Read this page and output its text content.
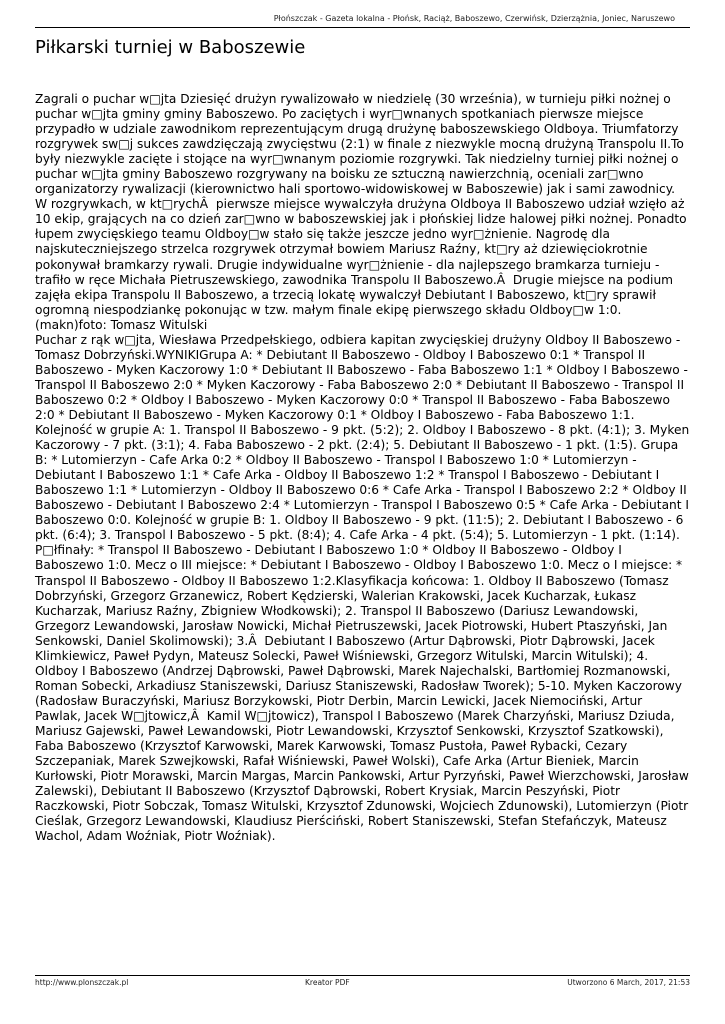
Płońszczak - Gazeta lokalna - Płońsk, Raciąż, Baboszewo, Czerwińsk, Dzierzążnia, Joniec, Naruszewo
Piłkarski turniej w Baboszewie
Zagrali o puchar w□jta Dziesięć drużyn rywalizowało w niedzielę (30 września), w turnieju piłki nożnej o puchar w□jta gminy gminy Baboszewo. Po zaciętych i wyr□wnanych spotkaniach pierwsze miejsce przypadło w udziale zawodnikom reprezentującym drugą drużynę baboszewskiego Oldboya. Triumfatorzy rozgrywek sw□j sukces zawdzięczają zwycięstwu (2:1) w finale z niezwykle mocną drużyną Transpolu II.To były niezwykle zacięte i stojące na wyr□wnanym poziomie rozgrywki. Tak niedzielny turniej piłki nożnej o puchar w□jta gminy Baboszewo rozgrywany na boisku ze sztuczną nawierzchnią, oceniali zar□wno organizatorzy rywalizacji (kierownictwo hali sportowo-widowiskowej w Baboszewie) jak i sami zawodnicy.
W rozgrywkach, w kt□rychÂ  pierwsze miejsce wywalczyła drużyna Oldboya II Baboszewo udział wzięło aż 10 ekip, grających na co dzień zar□wno w baboszewskiej jak i płońskiej lidze halowej piłki nożnej. Ponadto łupem zwycięskiego teamu Oldboy□w stało się także jeszcze jedno wyr□żnienie. Nagrodę dla najskuteczniejszego strzelca rozgrywek otrzymał bowiem Mariusz Raźny, kt□ry aż dziewięciokrotnie pokonywał bramkarzy rywali. Drugie indywidualne wyr□żnienie - dla najlepszego bramkarza turnieju - trafiło w ręce Michała Pietruszewskiego, zawodnika Transpolu II Baboszewo.Â  Drugie miejsce na podium zajęła ekipa Transpolu II Baboszewo, a trzecią lokatę wywalczył Debiutant I Baboszewo, kt□ry sprawił ogromną niespodziankę pokonując w tzw. małym finale ekipę pierwszego składu Oldboy□w 1:0.
(makn)foto: Tomasz Witulski
Puchar z rąk w□jta, Wiesława Przedpełskiego, odbiera kapitan zwycięskiej drużyny Oldboy II Baboszewo - Tomasz Dobrzyński.WYNIKIGrupa A: * Debiutant II Baboszewo - Oldboy I Baboszewo 0:1 * Transpol II Baboszewo - Myken Kaczorowy 1:0 * Debiutant II Baboszewo - Faba Baboszewo 1:1 * Oldboy I Baboszewo - Transpol II Baboszewo 2:0 * Myken Kaczorowy - Faba Baboszewo 2:0 * Debiutant II Baboszewo - Transpol II Baboszewo 0:2 * Oldboy I Baboszewo - Myken Kaczorowy 0:0 * Transpol II Baboszewo - Faba Baboszewo 2:0 * Debiutant II Baboszewo - Myken Kaczorowy 0:1 * Oldboy I Baboszewo - Faba Baboszewo 1:1. Kolejność w grupie A: 1. Transpol II Baboszewo - 9 pkt. (5:2); 2. Oldboy I Baboszewo - 8 pkt. (4:1); 3. Myken Kaczorowy - 7 pkt. (3:1); 4. Faba Baboszewo - 2 pkt. (2:4); 5. Debiutant II Baboszewo - 1 pkt. (1:5). Grupa B: * Lutomierzyn - Cafe Arka 0:2 * Oldboy II Baboszewo - Transpol I Baboszewo 1:0 * Lutomierzyn - Debiutant I Baboszewo 1:1 * Cafe Arka - Oldboy II Baboszewo 1:2 * Transpol I Baboszewo - Debiutant I Baboszewo 1:1 * Lutomierzyn - Oldboy II Baboszewo 0:6 * Cafe Arka - Transpol I Baboszewo 2:2 * Oldboy II Baboszewo - Debiutant I Baboszewo 2:4 * Lutomierzyn - Transpol I Baboszewo 0:5 * Cafe Arka - Debiutant I Baboszewo 0:0. Kolejność w grupie B: 1. Oldboy II Baboszewo - 9 pkt. (11:5); 2. Debiutant I Baboszewo - 6 pkt. (6:4); 3. Transpol I Baboszewo - 5 pkt. (8:4); 4. Cafe Arka - 4 pkt. (5:4); 5. Lutomierzyn - 1 pkt. (1:14). P□łfinały: * Transpol II Baboszewo - Debiutant I Baboszewo 1:0 * Oldboy II Baboszewo - Oldboy I Baboszewo 1:0. Mecz o III miejsce: * Debiutant I Baboszewo - Oldboy I Baboszewo 1:0. Mecz o I miejsce: * Transpol II Baboszewo - Oldboy II Baboszewo 1:2.Klasyfikacja końcowa: 1. Oldboy II Baboszewo (Tomasz Dobrzyński, Grzegorz Grzanewicz, Robert Kędzierski, Walerian Krakowski, Jacek Kucharzak, Łukasz Kucharzak, Mariusz Raźny, Zbigniew Włodkowski); 2. Transpol II Baboszewo (Dariusz Lewandowski, Grzegorz Lewandowski, Jarosław Nowicki, Michał Pietruszewski, Jacek Piotrowski, Hubert Ptaszyński, Jan Senkowski, Daniel Skolimowski); 3.Â  Debiutant I Baboszewo (Artur Dąbrowski, Piotr Dąbrowski, Jacek Klimkiewicz, Paweł Pydyn, Mateusz Solecki, Paweł Wiśniewski, Grzegorz Witulski, Marcin Witulski); 4. Oldboy I Baboszewo (Andrzej Dąbrowski, Paweł Dąbrowski, Marek Najechalski, Bartłomiej Rozmanowski, Roman Sobecki, Arkadiusz Staniszewski, Dariusz Staniszewski, Radosław Tworek); 5-10. Myken Kaczorowy (Radosław Buraczyński, Mariusz Borzykowski, Piotr Derbin, Marcin Lewicki, Jacek Niemociński, Artur Pawlak, Jacek W□jtowicz,Â  Kamil W□jtowicz), Transpol I Baboszewo (Marek Charzyński, Mariusz Dziuda, Mariusz Gajewski, Paweł Lewandowski, Piotr Lewandowski, Krzysztof Senkowski, Krzysztof Szatkowski), Faba Baboszewo (Krzysztof Karwowski, Marek Karwowski, Tomasz Pustoła, Paweł Rybacki, Cezary Szczepaniak, Marek Szwejkowski, Rafał Wiśniewski, Paweł Wolski), Cafe Arka (Artur Bieniek, Marcin Kurłowski, Piotr Morawski, Marcin Margas, Marcin Pankowski, Artur Pyrzyński, Paweł Wierzchowski, Jarosław Zalewski), Debiutant II Baboszewo (Krzysztof Dąbrowski, Robert Krysiak, Marcin Peszyński, Piotr Raczkowski, Piotr Sobczak, Tomasz Witulski, Krzysztof Zdunowski, Wojciech Zdunowski), Lutomierzyn (Piotr Cieślak, Grzegorz Lewandowski, Klaudiusz Pierściński, Robert Staniszewski, Stefan Stefańczyk, Mateusz Wachol, Adam Woźniak, Piotr Woźniak).
http://www.plonszczak.pl	Kreator PDF	Utworzono 6 March, 2017, 21:53
